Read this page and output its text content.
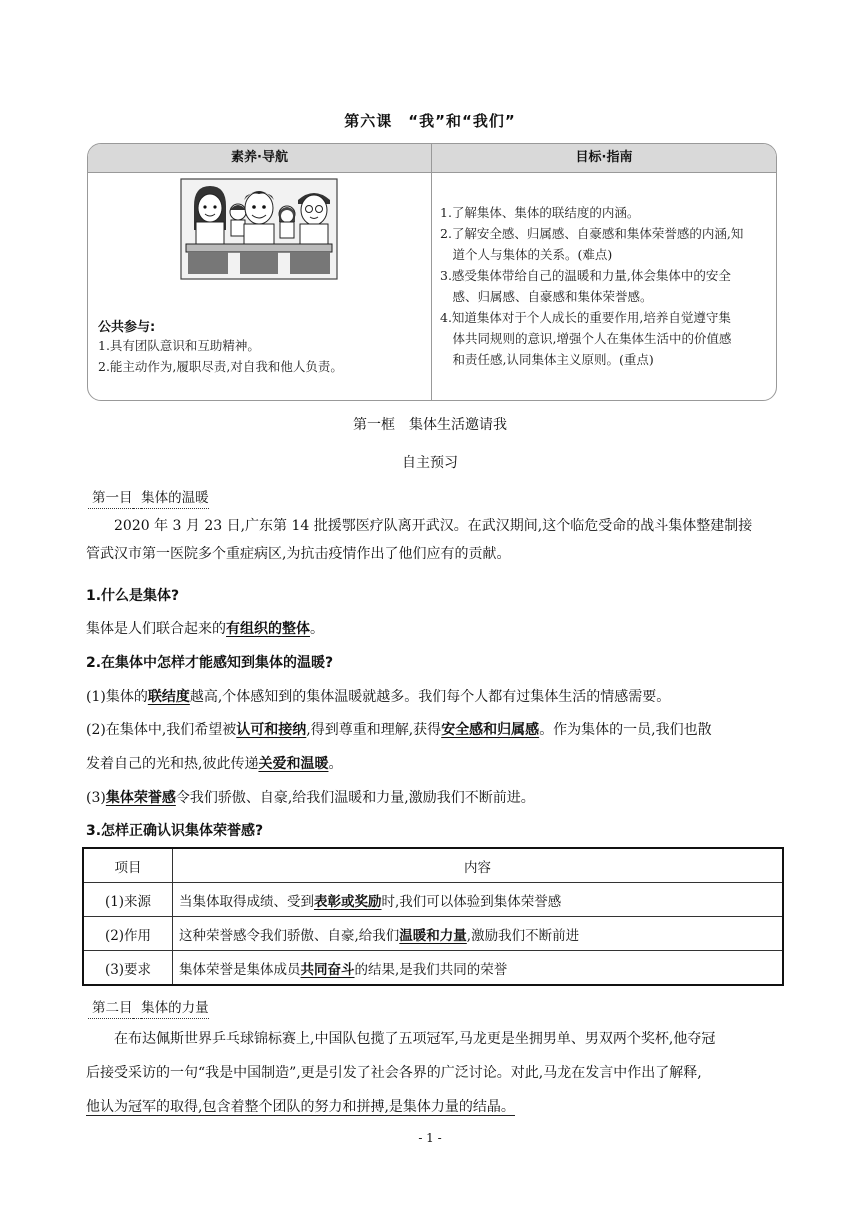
第六课　“我”和“我们”
素养·导航	目标·指南
公共参与:
1.具有团队意识和互助精神。
2.能主动作为,履职尽责,对自我和他人负责。
1.了解集体、集体的联结度的内涵。
2.了解安全感、归属感、自豪感和集体荣誉感的内涵,知
　道个人与集体的关系。(难点)
3.感受集体带给自己的温暖和力量,体会集体中的安全
　感、归属感、自豪感和集体荣誉感。
4.知道集体对于个人成长的重要作用,培养自觉遵守集
　体共同规则的意识,增强个人在集体生活中的价值感
　和责任感,认同集体主义原则。(重点)
第一框　集体生活邀请我
自主预习
第一目 集体的温暖
2020 年 3 月 23 日,广东第 14 批援鄂医疗队离开武汉。在武汉期间,这个临危受命的战斗集体整建制接
管武汉市第一医院多个重症病区,为抗击疫情作出了他们应有的贡献。
1.什么是集体?
集体是人们联合起来的有组织的整体。
2.在集体中怎样才能感知到集体的温暖?
(1)集体的联结度越高,个体感知到的集体温暖就越多。我们每个人都有过集体生活的情感需要。
(2)在集体中,我们希望被认可和接纳,得到尊重和理解,获得安全感和归属感。作为集体的一员,我们也散
发着自己的光和热,彼此传递关爱和温暖。
(3)集体荣誉感令我们骄傲、自豪,给我们温暖和力量,激励我们不断前进。
3.怎样正确认识集体荣誉感?
项目	内容
(1)来源	当集体取得成绩、受到表彰或奖励时,我们可以体验到集体荣誉感
(2)作用	这种荣誉感令我们骄傲、自豪,给我们温暖和力量,激励我们不断前进
(3)要求	集体荣誉是集体成员共同奋斗的结果,是我们共同的荣誉
第二目 集体的力量
在布达佩斯世界乒乓球锦标赛上,中国队包揽了五项冠军,马龙更是坐拥男单、男双两个奖杯,他夺冠
后接受采访的一句“我是中国制造”,更是引发了社会各界的广泛讨论。对此,马龙在发言中作出了解释,
他认为冠军的取得,包含着整个团队的努力和拼搏,是集体力量的结晶。
- 1 -
